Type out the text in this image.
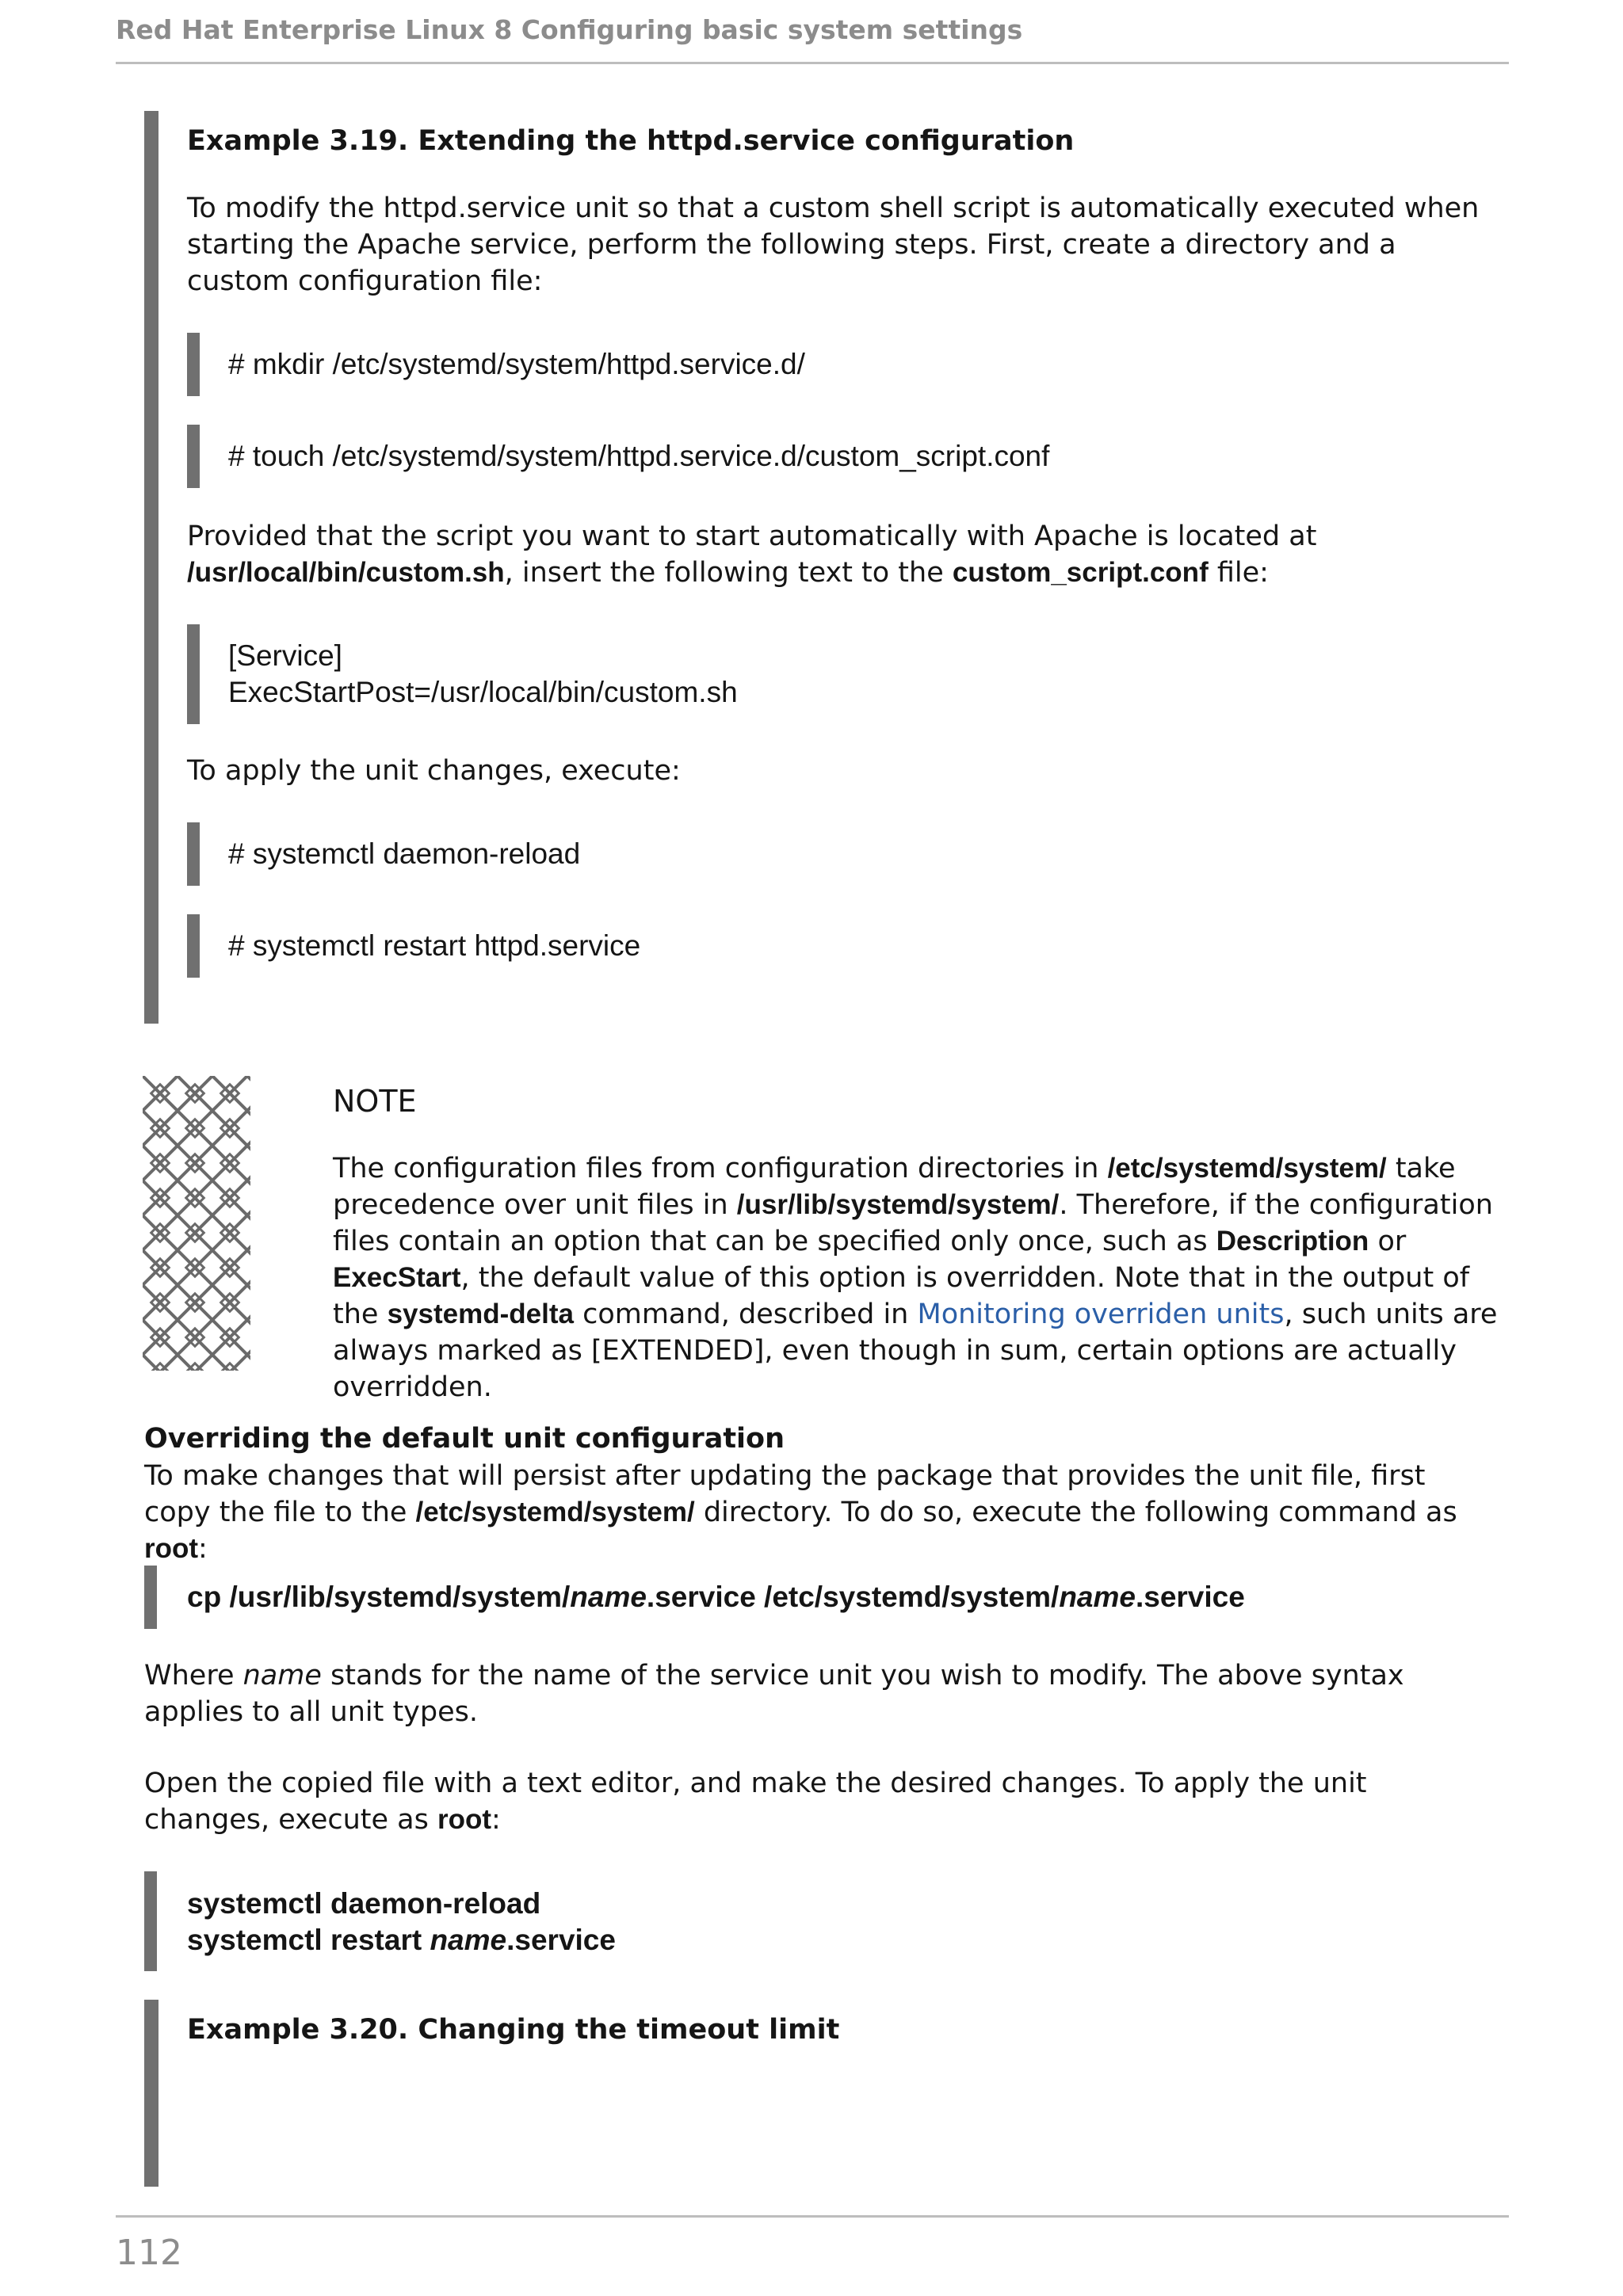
Red Hat Enterprise Linux 8 Configuring basic system settings
Example 3.19. Extending the httpd.service configuration
To modify the httpd.service unit so that a custom shell script is automatically executed when starting the Apache service, perform the following steps. First, create a directory and a custom configuration file:
# mkdir /etc/systemd/system/httpd.service.d/
# touch /etc/systemd/system/httpd.service.d/custom_script.conf
Provided that the script you want to start automatically with Apache is located at
/usr/local/bin/custom.sh, insert the following text to the custom_script.conf file:
[Service]
ExecStartPost=/usr/local/bin/custom.sh
To apply the unit changes, execute:
# systemctl daemon-reload
# systemctl restart httpd.service
NOTE
The configuration files from configuration directories in /etc/systemd/system/ take precedence over unit files in /usr/lib/systemd/system/. Therefore, if the configuration files contain an option that can be specified only once, such as Description or ExecStart, the default value of this option is overridden. Note that in the output of the systemd-delta command, described in Monitoring overriden units, such units are always marked as [EXTENDED], even though in sum, certain options are actually overridden.
Overriding the default unit configuration
To make changes that will persist after updating the package that provides the unit file, first copy the file to the /etc/systemd/system/ directory. To do so, execute the following command as root:
cp /usr/lib/systemd/system/name.service /etc/systemd/system/name.service
Where name stands for the name of the service unit you wish to modify. The above syntax applies to all unit types.
Open the copied file with a text editor, and make the desired changes. To apply the unit changes, execute as root:
systemctl daemon-reload
systemctl restart name.service
Example 3.20. Changing the timeout limit
112
